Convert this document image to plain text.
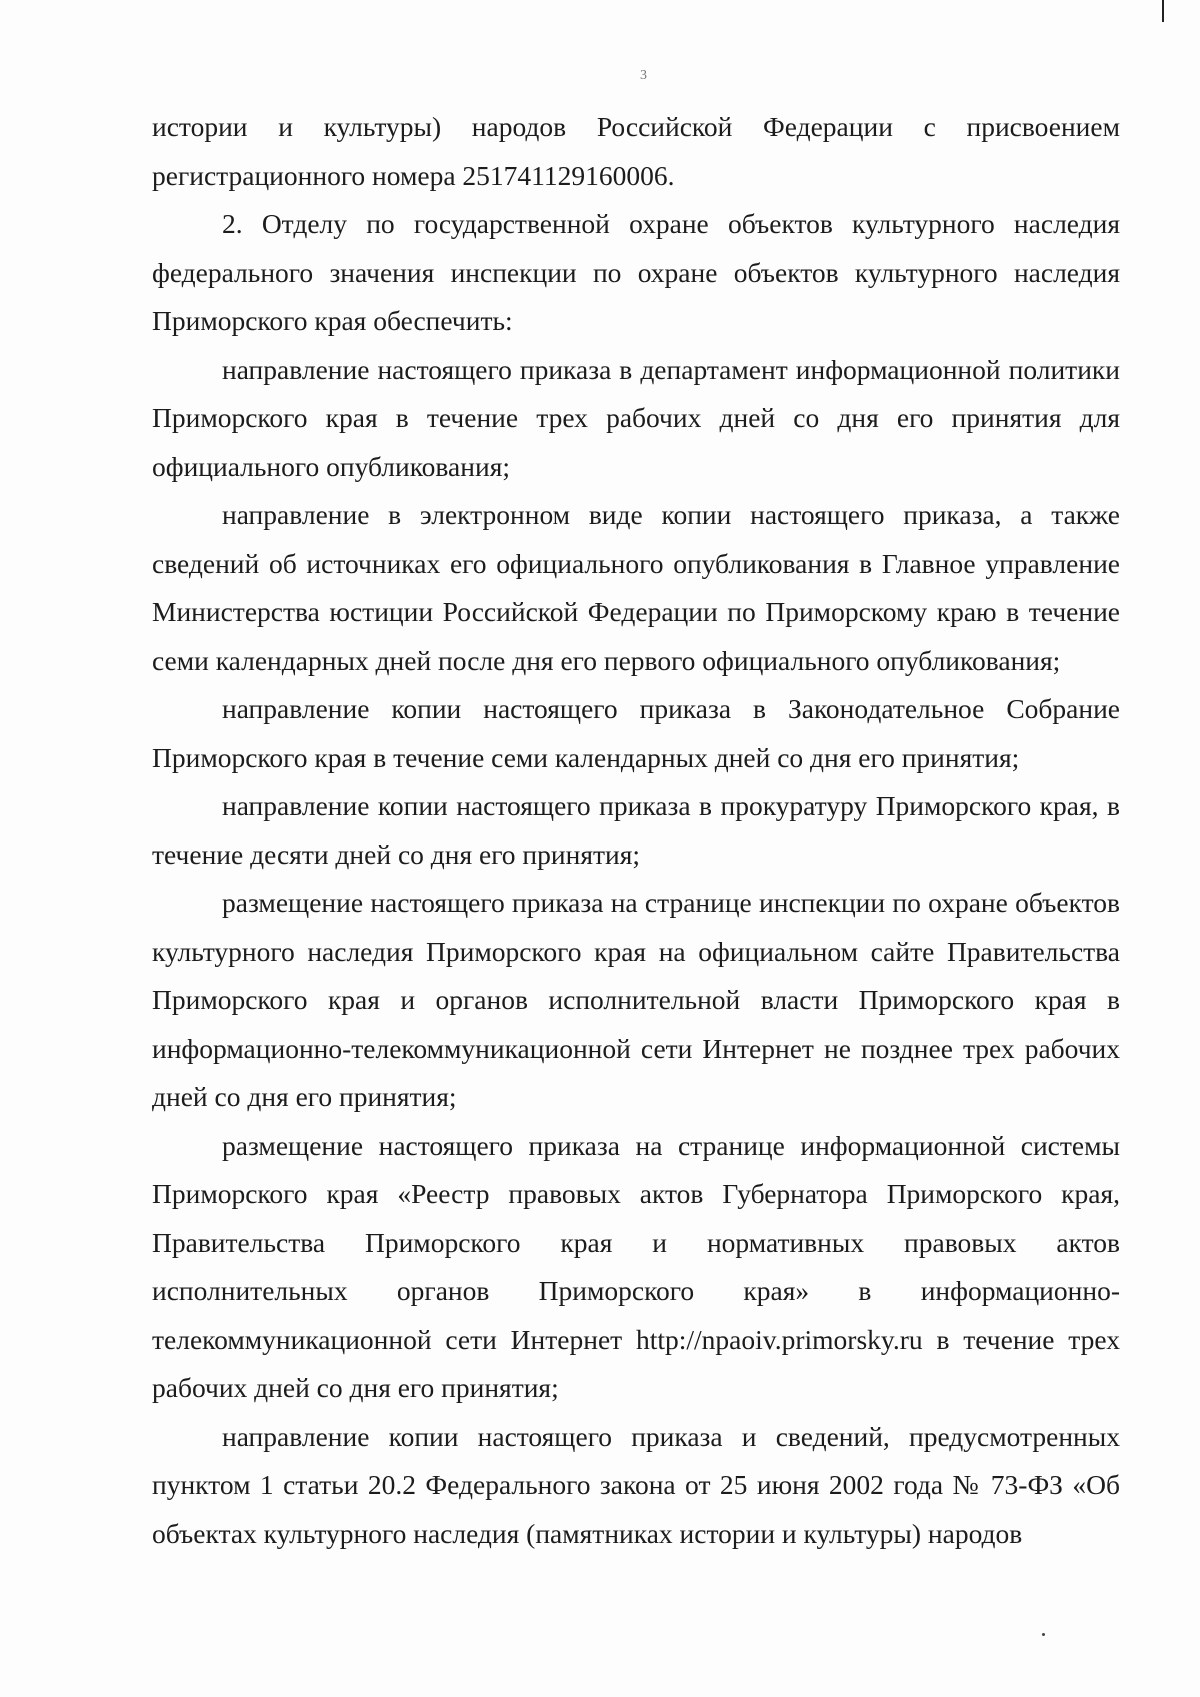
3

истории и культуры) народов Российской Федерации с присвоением регистрационного номера 251741129160006.

2. Отделу по государственной охране объектов культурного наследия федерального значения инспекции по охране объектов культурного наследия Приморского края обеспечить:

направление настоящего приказа в департамент информационной политики Приморского края в течение трех рабочих дней со дня его принятия для официального опубликования;

направление в электронном виде копии настоящего приказа, а также сведений об источниках его официального опубликования в Главное управление Министерства юстиции Российской Федерации по Приморскому краю в течение семи календарных дней после дня его первого официального опубликования;

направление копии настоящего приказа в Законодательное Собрание Приморского края в течение семи календарных дней со дня его принятия;

направление копии настоящего приказа в прокуратуру Приморского края, в течение десяти дней со дня его принятия;

размещение настоящего приказа на странице инспекции по охране объектов культурного наследия Приморского края на официальном сайте Правительства Приморского края и органов исполнительной власти Приморского края в информационно-телекоммуникационной сети Интернет не позднее трех рабочих дней со дня его принятия;

размещение настоящего приказа на странице информационной системы Приморского края «Реестр правовых актов Губернатора Приморского края, Правительства Приморского края и нормативных правовых актов исполнительных органов Приморского края» в информационно-телекоммуникационной сети Интернет http://npaoiv.primorsky.ru в течение трех рабочих дней со дня его принятия;

направление копии настоящего приказа и сведений, предусмотренных пунктом 1 статьи 20.2 Федерального закона от 25 июня 2002 года № 73-ФЗ «Об объектах культурного наследия (памятниках истории и культуры) народов
